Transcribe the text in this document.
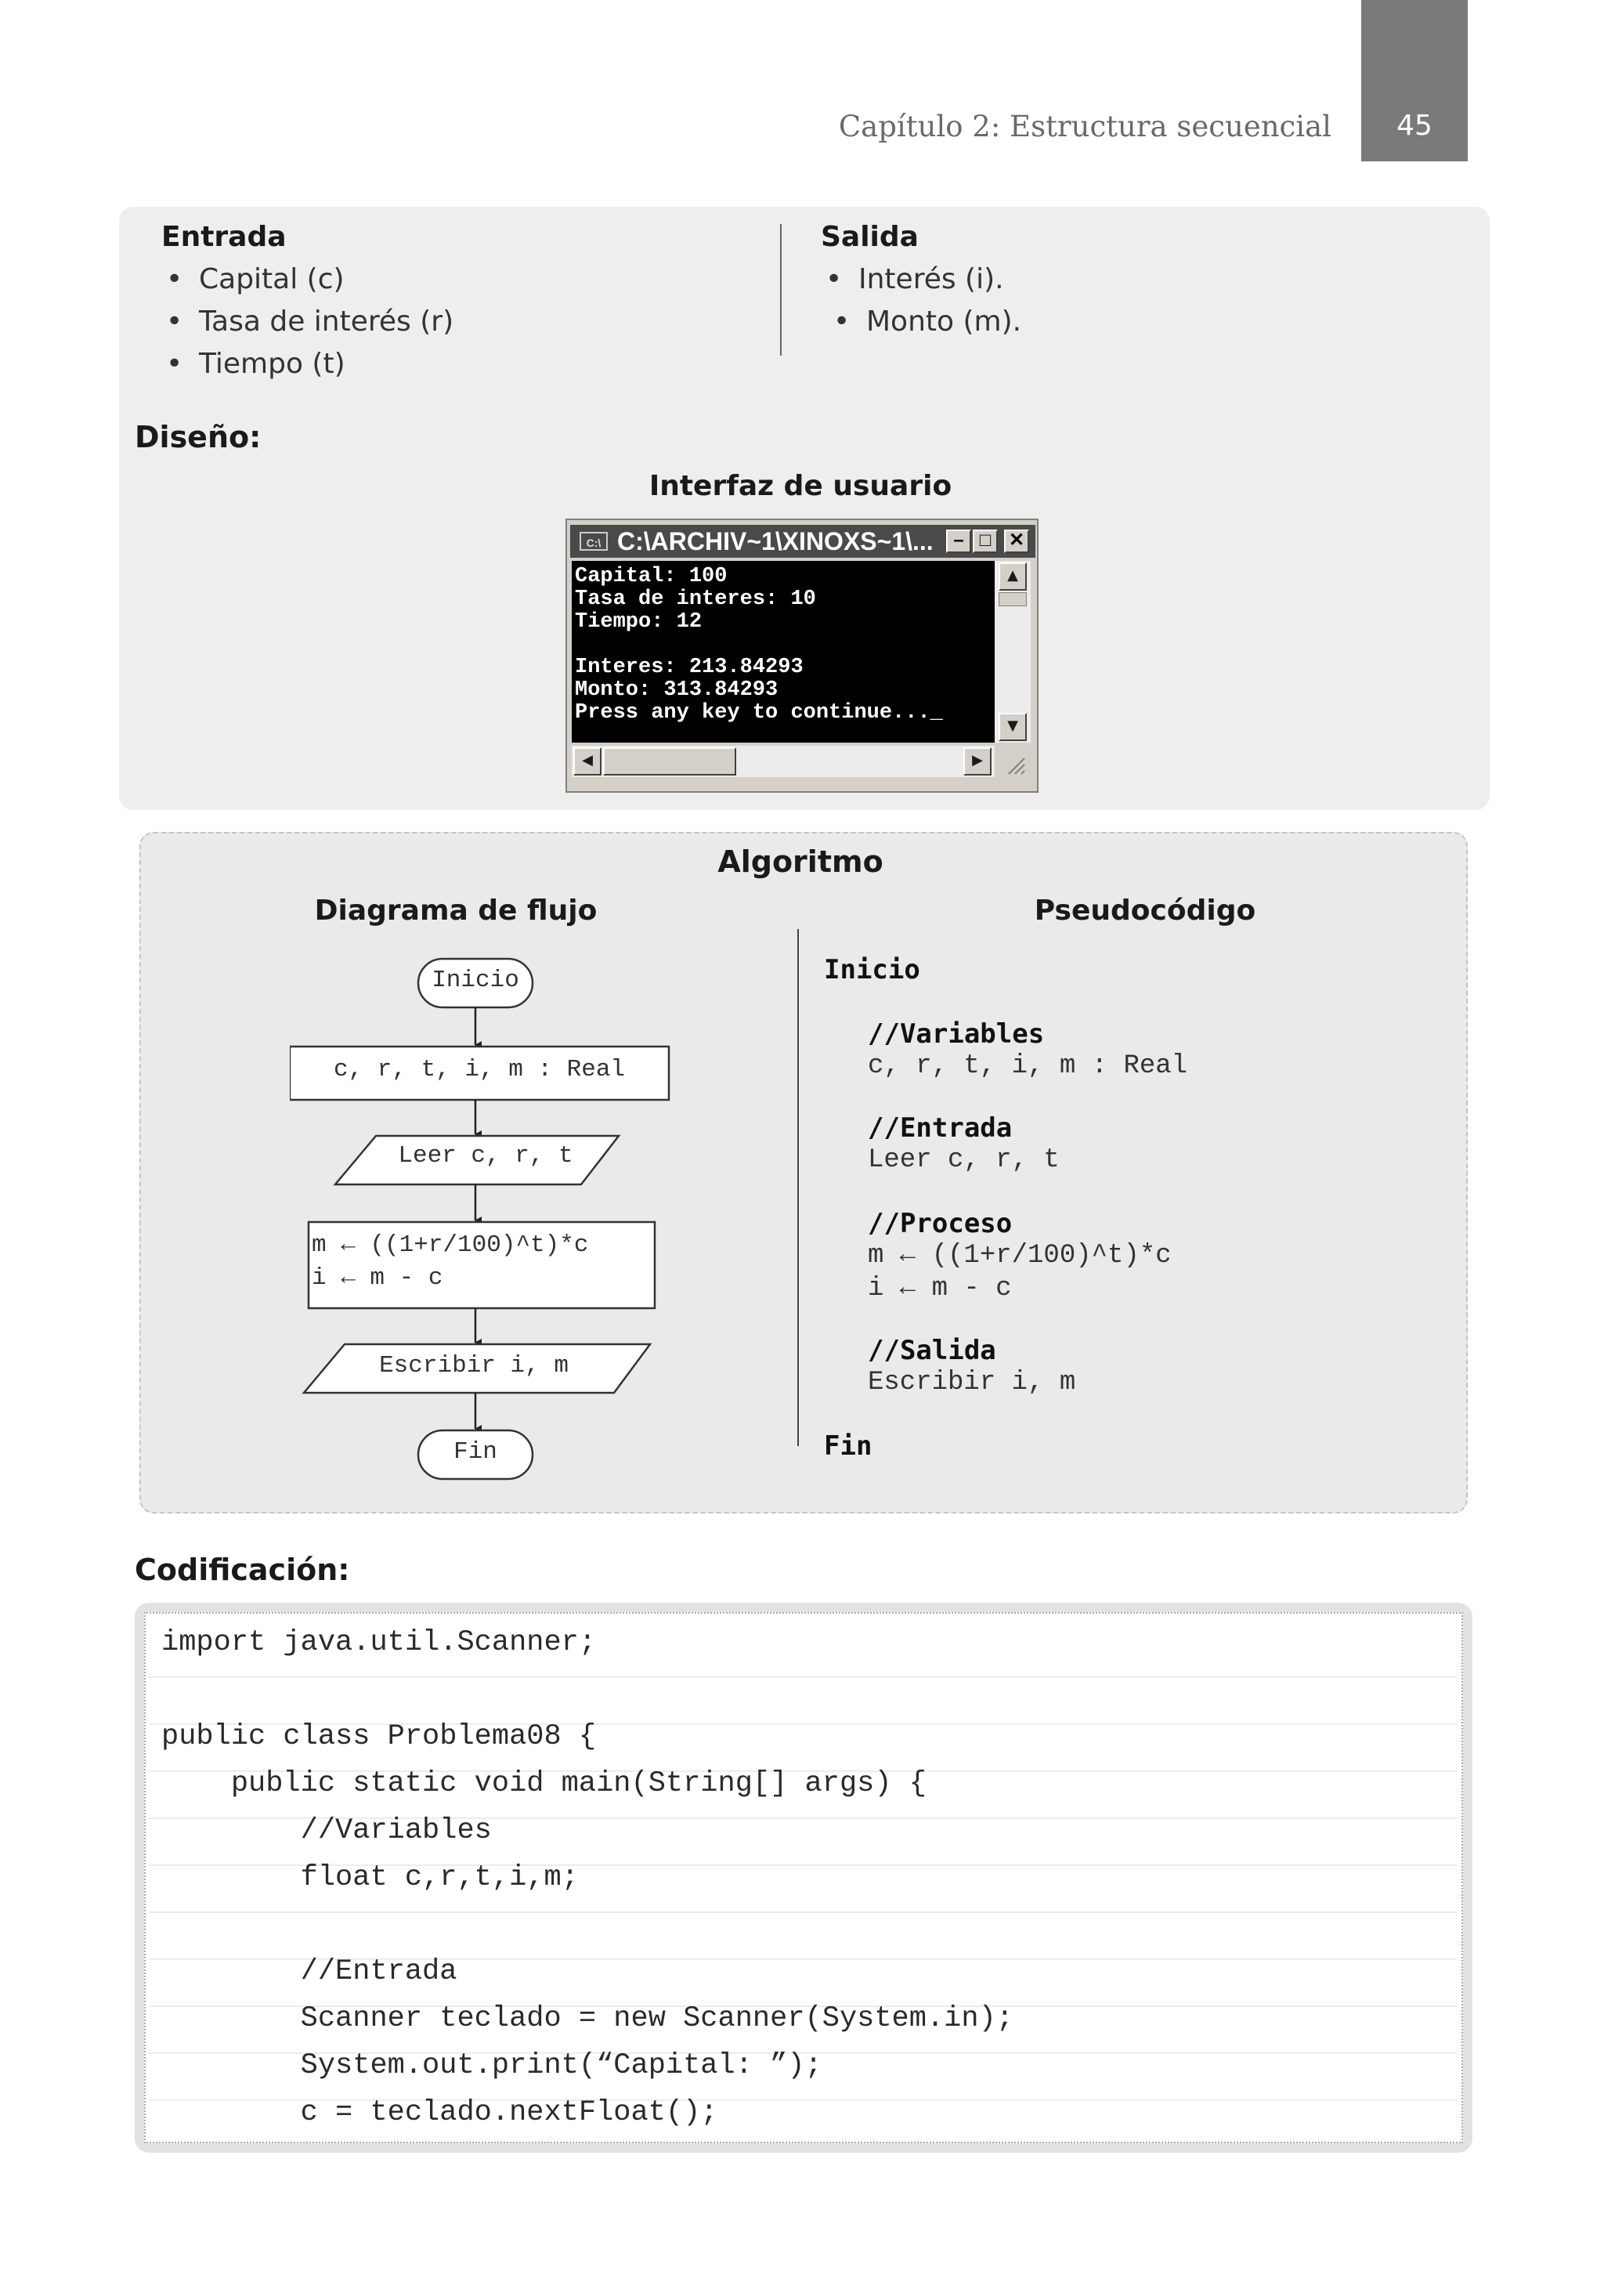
45
Capítulo 2: Estructura secuencial
Entrada
• Capital (c)
• Tasa de interés (r)
• Tiempo (t)
Salida
• Interés (i).
• Monto (m).
Diseño:
Interfaz de usuario
C:\ C:\ARCHIV~1\XINOXS~1\...	– □ ✕
Capital: 100
Tasa de interes: 10
Tiempo: 12
Interes: 213.84293
Monto: 313.84293
Press any key to continue..._
▲
▼
◀	▶
Algoritmo
Diagrama de flujo	Pseudocódigo
Inicio
c, r, t, i, m : Real
Leer c, r, t
m ← ((1+r/100)^t)*c
i ← m - c
Escribir i, m
Fin
Inicio
//Variables
c, r, t, i, m : Real
//Entrada
Leer c, r, t
//Proceso
m ← ((1+r/100)^t)*c
i ← m - c
//Salida
Escribir i, m
Fin
Codificación:
import java.util.Scanner;
public class Problema08 {
public static void main(String[] args) {
//Variables
float c,r,t,i,m;
//Entrada
Scanner teclado = new Scanner(System.in);
System.out.print(“Capital: ”);
c = teclado.nextFloat();
